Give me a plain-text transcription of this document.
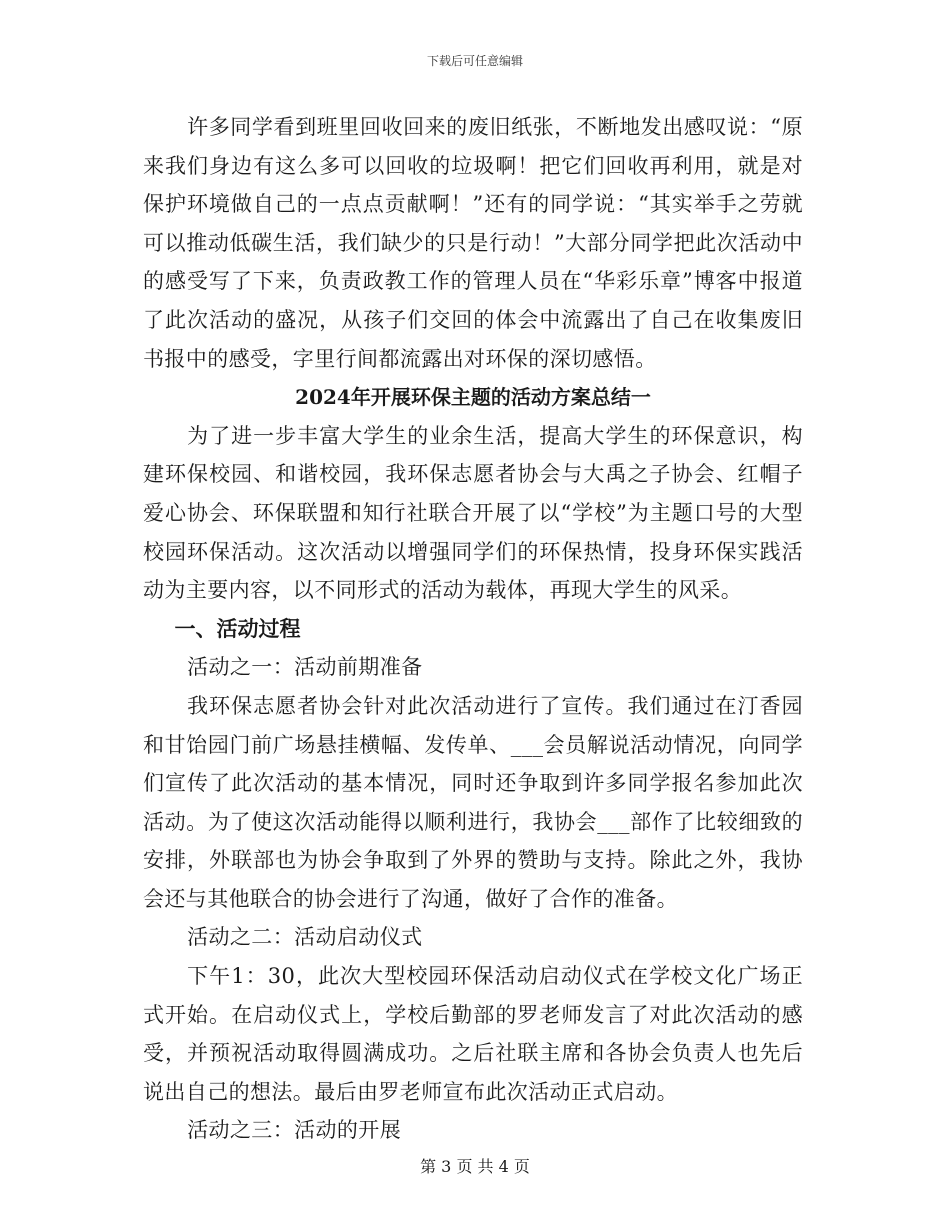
下载后可任意编辑

许多同学看到班里回收回来的废旧纸张，不断地发出感叹说：“原来我们身边有这么多可以回收的垃圾啊！把它们回收再利用，就是对保护环境做自己的一点点贡献啊！”还有的同学说：“其实举手之劳就可以推动低碳生活，我们缺少的只是行动！”大部分同学把此次活动中的感受写了下来，负责政教工作的管理人员在“华彩乐章”博客中报道了此次活动的盛况，从孩子们交回的体会中流露出了自己在收集废旧书报中的感受，字里行间都流露出对环保的深切感悟。

2024年开展环保主题的活动方案总结一

为了进一步丰富大学生的业余生活，提高大学生的环保意识，构建环保校园、和谐校园，我环保志愿者协会与大禹之子协会、红帽子爱心协会、环保联盟和知行社联合开展了以“学校”为主题口号的大型校园环保活动。这次活动以增强同学们的环保热情，投身环保实践活动为主要内容，以不同形式的活动为载体，再现大学生的风采。

一、活动过程

活动之一：活动前期准备

我环保志愿者协会针对此次活动进行了宣传。我们通过在汀香园和甘饴园门前广场悬挂横幅、发传单、___会员解说活动情况，向同学们宣传了此次活动的基本情况，同时还争取到许多同学报名参加此次活动。为了使这次活动能得以顺利进行，我协会___部作了比较细致的安排，外联部也为协会争取到了外界的赞助与支持。除此之外，我协会还与其他联合的协会进行了沟通，做好了合作的准备。

活动之二：活动启动仪式

下午1：30，此次大型校园环保活动启动仪式在学校文化广场正式开始。在启动仪式上，学校后勤部的罗老师发言了对此次活动的感受，并预祝活动取得圆满成功。之后社联主席和各协会负责人也先后说出自己的想法。最后由罗老师宣布此次活动正式启动。

活动之三：活动的开展

第 3 页 共 4 页
